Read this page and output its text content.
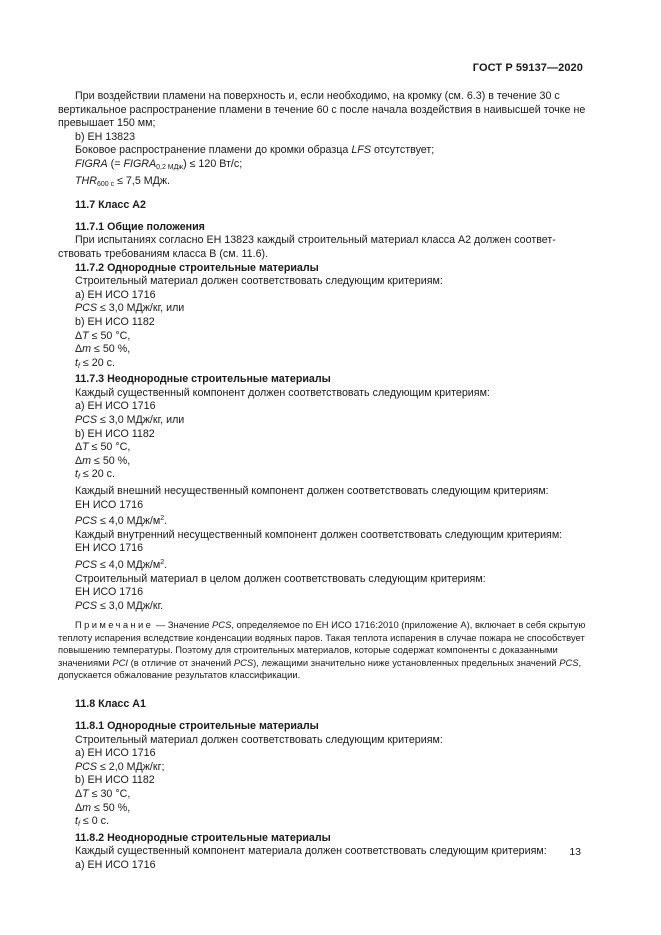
ГОСТ Р 59137—2020

При воздействии пламени на поверхность и, если необходимо, на кромку (см. 6.3) в течение 30 с вертикальное распространение пламени в течение 60 с после начала воздействия в наивысшей точке не превышает 150 мм;

b) ЕН 13823

Боковое распространение пламени до кромки образца LFS отсутствует;

FIGRA (= $FIGRA_{0,2 МДж}) \le 120$ Вт/с;

$THR_{600 c} \le 7,5$ МДж.

11.7 Класс А2

11.7.1 Общие положения

При испытаниях согласно ЕН 13823 каждый строительный материал класса А2 должен соответствовать требованиям класса В (см. 11.6).

11.7.2 Однородные строительные материалы

Строительный материал должен соответствовать следующим критериям:

a) ЕН ИСО 1716

PCS ≤ 3,0 МДж/кг, или

b) ЕН ИСО 1182

ΔT ≤ 50 °C,

Δm ≤ 50 %,

$t_f \le 20$ с.

11.7.3 Неоднородные строительные материалы

Каждый существенный компонент должен соответствовать следующим критериям:

a) ЕН ИСО 1716

PCS ≤ 3,0 МДж/кг, или

b) ЕН ИСО 1182

ΔT ≤ 50 °C,

Δm ≤ 50 %,

$t_f \le 20$ с.

Каждый внешний несущественный компонент должен соответствовать следующим критериям:

ЕН ИСО 1716

PCS ≤ 4,0 МДж/$м^2$.

Каждый внутренний несущественный компонент должен соответствовать следующим критериям:

ЕН ИСО 1716

PCS ≤ 4,0 МДж/$м^2$.

Строительный материал в целом должен соответствовать следующим критериям:

ЕН ИСО 1716

PCS ≤ 3,0 МДж/кг.

Примечание — Значение PCS, определяемое по ЕН ИСО 1716:2010 (приложение А), включает в себя скрытую теплоту испарения вследствие конденсации водяных паров. Такая теплота испарения в случае пожара не способствует повышению температуры. Поэтому для строительных материалов, которые содержат компоненты с доказанными значениями PCI (в отличие от значений PCS), лежащими значительно ниже установленных предельных значений PCS, допускается обжалование результатов классификации.

11.8 Класс А1

11.8.1 Однородные строительные материалы

Строительный материал должен соответствовать следующим критериям:

a) ЕН ИСО 1716

PCS ≤ 2,0 МДж/кг;

b) ЕН ИСО 1182

ΔT ≤ 30 °C,

Δm ≤ 50 %,

$t_f \le 0$ с.

11.8.2 Неоднородные строительные материалы

Каждый существенный компонент материала должен соответствовать следующим критериям:

a) ЕН ИСО 1716

13
